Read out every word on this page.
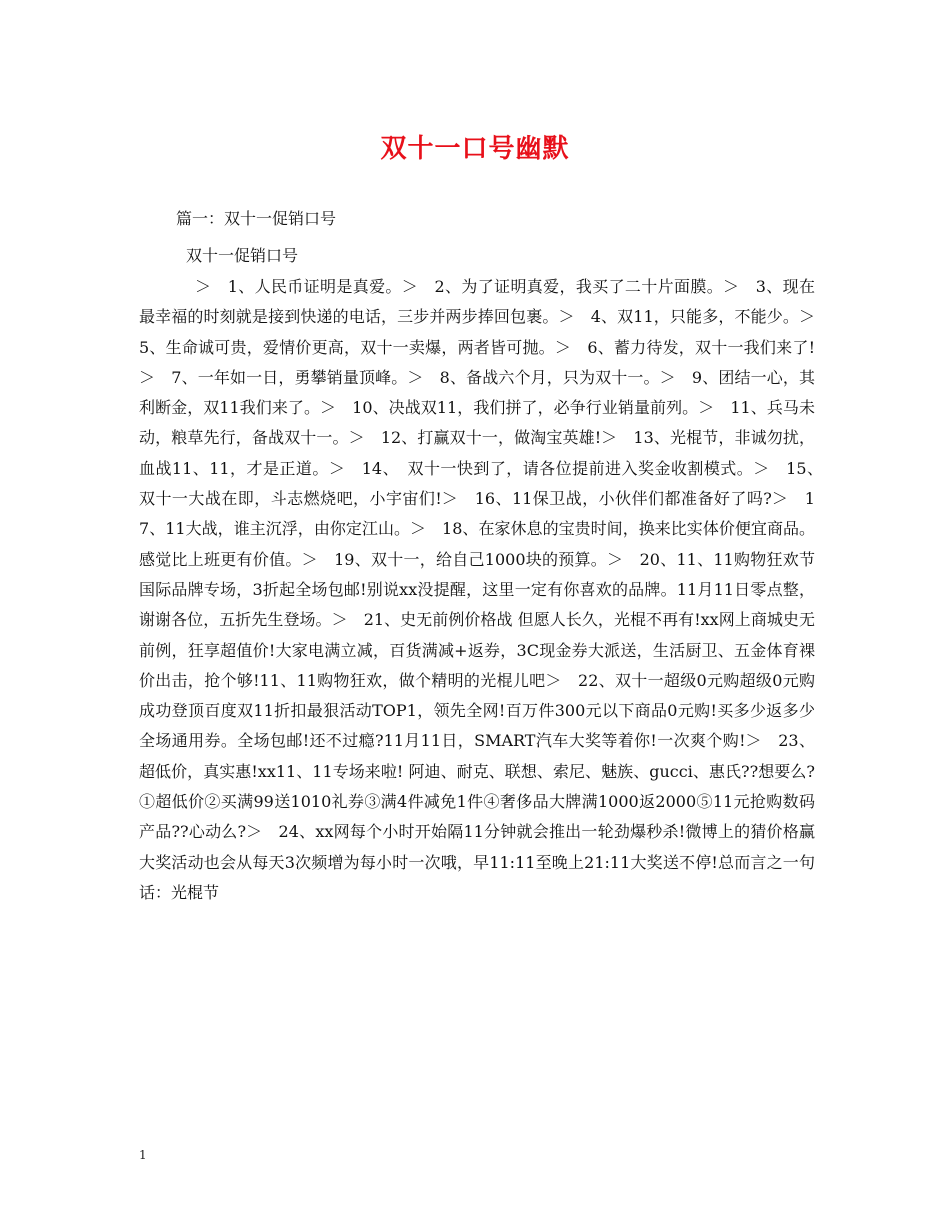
双十一口号幽默

篇一：双十一促销口号

双十一促销口号

＞　1、人民币证明是真爱。＞　2、为了证明真爱，我买了二十片面膜。＞　3、现在最幸福的时刻就是接到快递的电话，三步并两步捧回包裹。＞　4、双11，只能多，不能少。＞　5、生命诚可贵，爱情价更高，双十一卖爆，两者皆可抛。＞　6、蓄力待发，双十一我们来了!＞　7、一年如一日，勇攀销量顶峰。＞　8、备战六个月，只为双十一。＞　9、团结一心，其利断金，双11我们来了。＞　10、决战双11，我们拼了，必争行业销量前列。＞　11、兵马未动，粮草先行，备战双十一。＞　12、打赢双十一，做淘宝英雄!＞　13、光棍节，非诚勿扰，血战11、11，才是正道。＞　14、　双十一快到了，请各位提前进入奖金收割模式。＞　15、　双十一大战在即，斗志燃烧吧，小宇宙们!＞　16、11保卫战，小伙伴们都准备好了吗?＞　17、11大战，谁主沉浮，由你定江山。＞　18、在家休息的宝贵时间，换来比实体价便宜商品。感觉比上班更有价值。＞　19、双十一，给自己1000块的预算。＞　20、11、11购物狂欢节 国际品牌专场，3折起全场包邮!别说xx没提醒，这里一定有你喜欢的品牌。11月11日零点整，谢谢各位，五折先生登场。＞　21、史无前例价格战 但愿人长久，光棍不再有!xx网上商城史无前例，狂享超值价!大家电满立减，百货满减+返券，3C现金券大派送，生活厨卫、五金体育裸价出击，抢个够!11、11购物狂欢，做个精明的光棍儿吧＞　22、双十一超级0元购超级0元购成功登顶百度双11折扣最狠活动TOP1，领先全网!百万件300元以下商品0元购!买多少返多少全场通用券。全场包邮!还不过瘾?11月11日，SMART汽车大奖等着你!一次爽个购!＞　23、超低价，真实惠!xx11、11专场来啦! 阿迪、耐克、联想、索尼、魅族、gucci、惠氏??想要么?①超低价②买满99送1010礼券③满4件减免1件④奢侈品大牌满1000返2000⑤11元抢购数码产品??心动么?＞　24、xx网每个小时开始隔11分钟就会推出一轮劲爆秒杀!微博上的猜价格赢大奖活动也会从每天3次频增为每小时一次哦，早11:11至晚上21:11大奖送不停!总而言之一句话：光棍节

1
